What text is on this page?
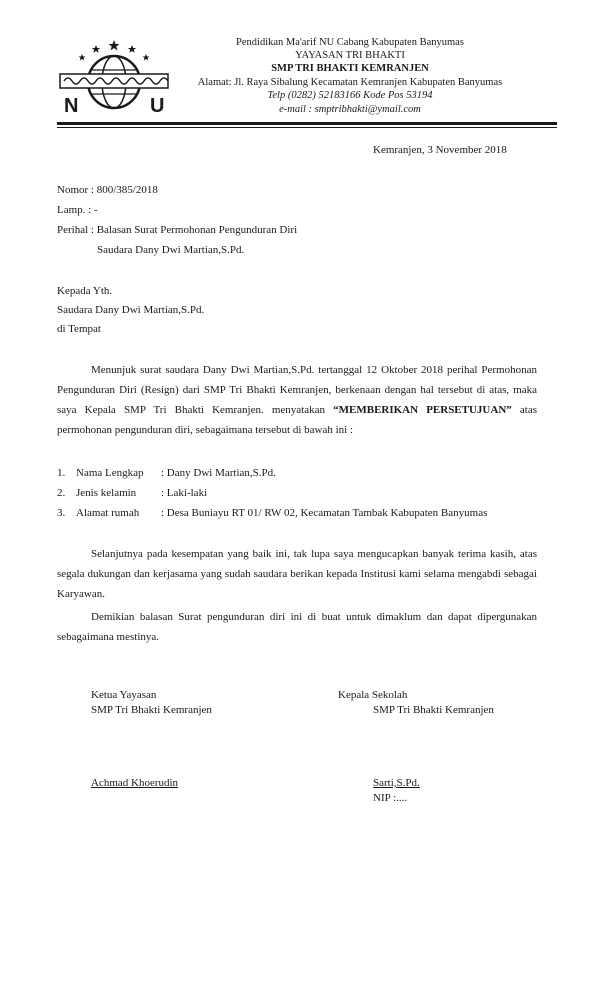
N	U
Pendidikan Ma'arif NU Cabang Kabupaten Banyumas
YAYASAN TRI BHAKTI
SMP TRI BHAKTI KEMRANJEN
Alamat: Jl. Raya Sibalung Kecamatan Kemranjen Kabupaten Banyumas
Telp (0282) 52183166 Kode Pos 53194
e-mail : smptribhakti@ymail.com
Kemranjen, 3 November 2018
Nomor : 800/385/2018
Lamp. : -
Perihal : Balasan Surat Permohonan Pengunduran Diri
Saudara Dany Dwi Martian,S.Pd.
Kepada Yth.
Saudara Dany Dwi Martian,S.Pd.
di Tempat
Menunjuk surat saudara Dany Dwi Martian,S.Pd. tertanggal 12 Oktober 2018 perihal Permohonan Pengunduran Diri (Resign) dari SMP Tri Bhakti Kemranjen, berkenaan dengan hal tersebut di atas, maka saya Kepala SMP Tri Bhakti Kemranjen. menyatakan “MEMBERIKAN PERSETUJUAN” atas permohonan pengunduran diri, sebagaimana tersebut di bawah ini :
1. Nama Lengkap : Dany Dwi Martian,S.Pd.
2. Jenis kelamin : Laki-laki
3. Alamat rumah : Desa Buniayu RT 01/ RW 02, Kecamatan Tambak Kabupaten Banyumas
Selanjutnya pada kesempatan yang baik ini, tak lupa saya mengucapkan banyak terima kasih, atas segala dukungan dan kerjasama yang sudah saudara berikan kepada Institusi kami selama mengabdi sebagai Karyawan.
Demikian balasan Surat pengunduran diri ini di buat untuk dimaklum dan dapat dipergunakan sebagaimana mestinya.
Ketua Yayasan
SMP Tri Bhakti Kemranjen
Achmad Khoerudin
Kepala Sekolah
SMP Tri Bhakti Kemranjen
Sarti,S.Pd.
NIP :....
